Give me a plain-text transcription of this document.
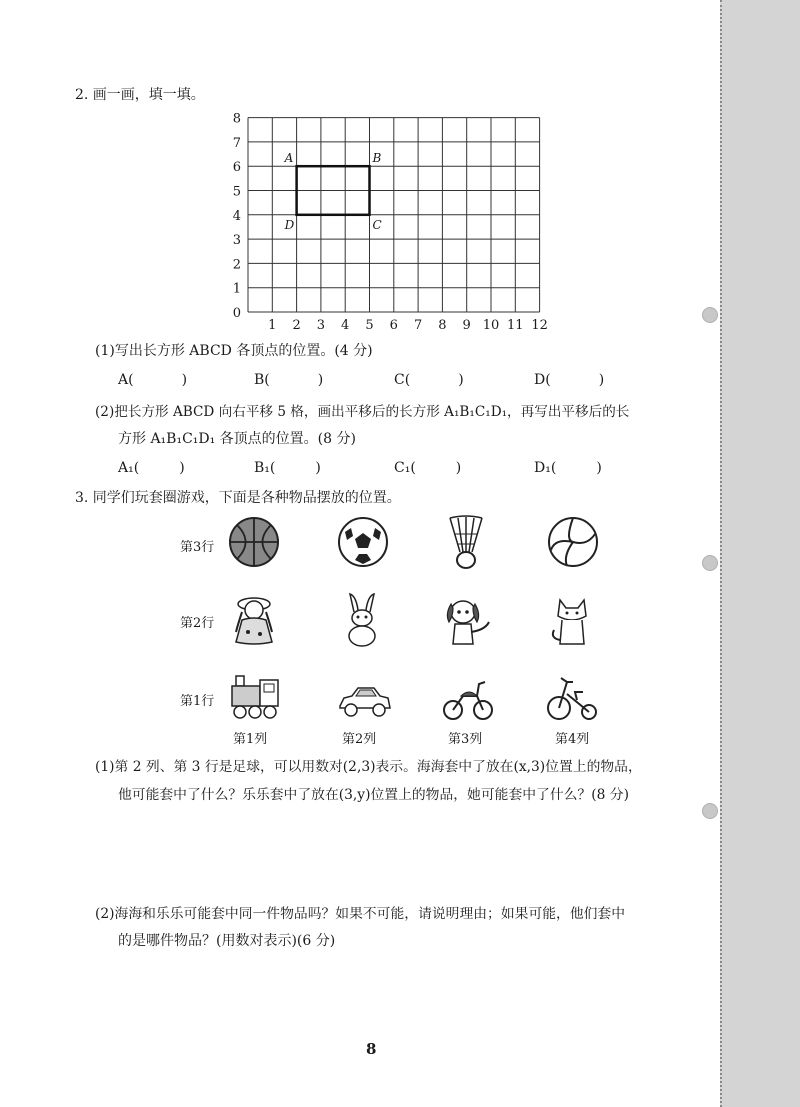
2. 画一画，填一填。
1 2 3 4 5 6 7 8 9 10 11 12
0
1
2
3
4
5
6
7
8
A	B
C
D
(1)写出长方形 ABCD 各顶点的位置。(4 分)
A(	)	B(	)	C(	)	D(	)
(2)把长方形 ABCD 向右平移 5 格，画出平移后的长方形 A₁B₁C₁D₁，再写出平移后的长
方形 A₁B₁C₁D₁ 各顶点的位置。(8 分)
A₁(	)	B₁(	)	C₁(	)	D₁(	)
3. 同学们玩套圈游戏，下面是各种物品摆放的位置。
第3行
第2行
第1行
第1列	第2列	第3列	第4列
(1)第 2 列、第 3 行是足球，可以用数对(2,3)表示。海海套中了放在(x,3)位置上的物品，
他可能套中了什么？乐乐套中了放在(3,y)位置上的物品，她可能套中了什么？(8 分)
(2)海海和乐乐可能套中同一件物品吗？如果不可能，请说明理由；如果可能，他们套中
的是哪件物品？(用数对表示)(6 分)
8
